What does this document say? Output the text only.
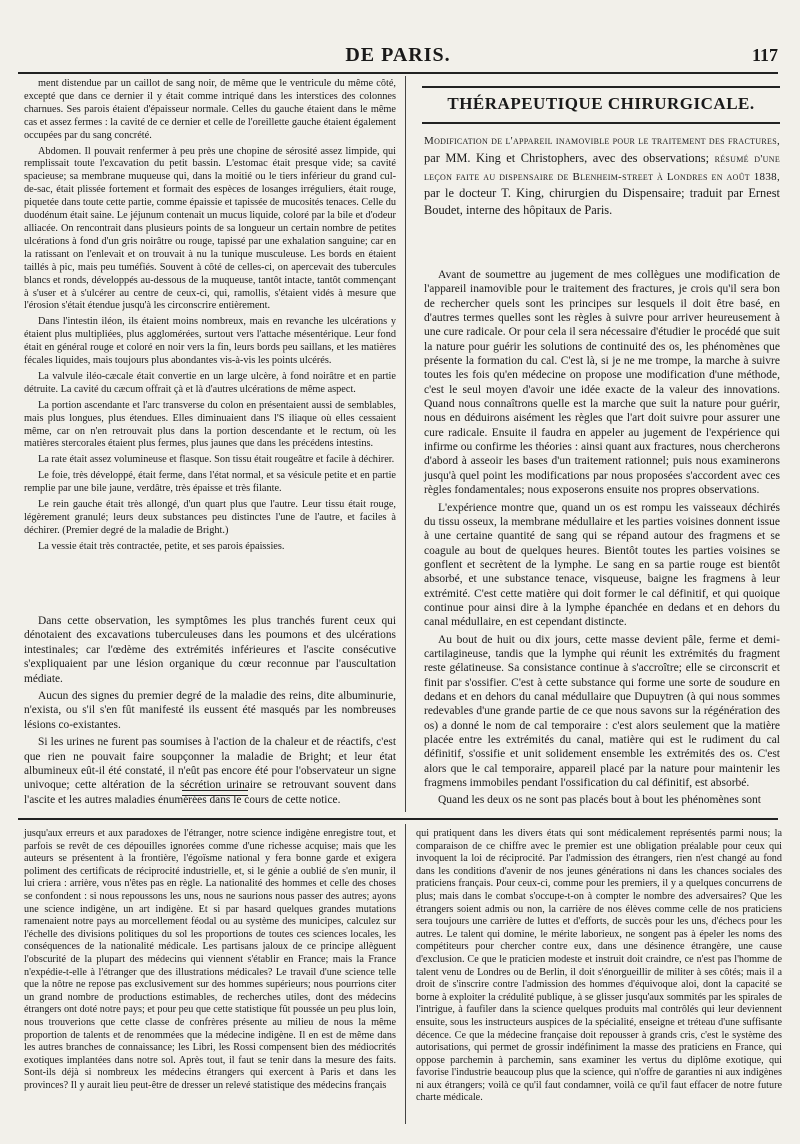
DE PARIS.	117

ment distendue par un caillot de sang noir, de même que le ventricule du même côté, excepté que dans ce dernier il y était comme intriqué dans les interstices des colonnes charnues. Ses parois étaient d'épaisseur normale. Celles du gauche étaient dans le même cas et assez fermes : la cavité de ce dernier et celle de l'oreillette gauche étaient également occupées par du sang concrété.

Abdomen. Il pouvait renfermer à peu près une chopine de sérosité assez limpide, qui remplissait toute l'excavation du petit bassin. L'estomac était presque vide; sa cavité spacieuse; sa membrane muqueuse qui, dans la moitié ou le tiers inférieur du grand cul-de-sac, était plissée fortement et formait des espèces de losanges irréguliers, était rouge, piquetée dans toute cette partie, comme épaissie et tapissée de mucosités tenaces. Celle du duodénum était saine. Le jéjunum contenait un mucus liquide, coloré par la bile et d'odeur alliacée. On rencontrait dans plusieurs points de sa longueur un certain nombre de petites ulcérations à fond d'un gris noirâtre ou rouge, tapissé par une exhalation sanguine; car en la ratissant on l'enlevait et on trouvait à nu la tunique musculeuse. Les bords en étaient taillés à pic, mais peu tuméfiés. Souvent à côté de celles-ci, on apercevait des tubercules blancs et ronds, développés au-dessous de la muqueuse, tantôt intacte, tantôt commençant à s'user et à s'ulcérer au centre de ceux-ci, qui, ramollis, s'étaient vidés à mesure que l'érosion s'était étendue jusqu'à les circonscrire entièrement.

Dans l'intestin iléon, ils étaient moins nombreux, mais en revanche les ulcérations y étaient plus multipliées, plus agglomérées, surtout vers l'attache mésentérique. Leur fond était en général rouge et coloré en noir vers la fin, leurs bords peu saillans, et les matières fécales liquides, mais toujours plus abondantes vis-à-vis les points ulcérés.

La valvule iléo-cæcale était convertie en un large ulcère, à fond noirâtre et en partie détruite. La cavité du cæcum offrait çà et là d'autres ulcérations de même aspect.

La portion ascendante et l'arc transverse du colon en présentaient aussi de semblables, mais plus longues, plus étendues. Elles diminuaient dans l'S iliaque où elles cessaient même, car on n'en retrouvait plus dans la portion descendante et le rectum, où les matières stercorales étaient plus fermes, plus jaunes que dans les précédens intestins.

La rate était assez volumineuse et flasque. Son tissu était rougeâtre et facile à déchirer.

Le foie, très développé, était ferme, dans l'état normal, et sa vésicule petite et en partie remplie par une bile jaune, verdâtre, très épaisse et très filante.

Le rein gauche était très allongé, d'un quart plus que l'autre. Leur tissu était rouge, légèrement granulé; leurs deux substances peu distinctes l'une de l'autre, et faciles à déchirer. (Premier degré de la maladie de Bright.)

La vessie était très contractée, petite, et ses parois épaissies.

Dans cette observation, les symptômes les plus tranchés furent ceux qui dénotaient des excavations tuberculeuses dans les poumons et des ulcérations intestinales; car l'œdème des extrémités inférieures et l'ascite consécutive s'expliquaient par une lésion organique du cœur reconnue par l'auscultation médiate.

Aucun des signes du premier degré de la maladie des reins, dite albuminurie, n'exista, ou s'il s'en fût manifesté ils eussent été masqués par les nombreuses lésions co-existantes.

Si les urines ne furent pas soumises à l'action de la chaleur et de réactifs, c'est que rien ne pouvait faire soupçonner la maladie de Bright; et leur état albumineux eût-il été constaté, il n'eût pas encore été pour l'observateur un signe univoque; cette altération de la sécrétion urinaire se retrouvant souvent dans l'ascite et les autres maladies énumérées dans le cours de cette notice.

THÉRAPEUTIQUE CHIRURGICALE.
Modification de l'appareil inamovible pour le traitement des fractures, par MM. King et Christophers, avec des observations; résumé d'une leçon faite au dispensaire de Blenheim-street à Londres en août 1838, par le docteur T. King, chirurgien du Dispensaire; traduit par Ernest Boudet, interne des hôpitaux de Paris.

Avant de soumettre au jugement de mes collègues une modification de l'appareil inamovible pour le traitement des fractures, je crois qu'il sera bon de rechercher quels sont les principes sur lesquels il doit être basé, en d'autres termes quelles sont les règles à suivre pour arriver heureusement à une cure radicale. Or pour cela il sera nécessaire d'étudier le procédé que suit la nature pour guérir les solutions de continuité des os, les phénomènes que présente la formation du cal. C'est là, si je ne me trompe, la marche à suivre toutes les fois qu'en médecine on propose une modification d'une méthode, c'est le seul moyen d'avoir une idée exacte de la valeur des innovations. Quand nous connaîtrons quelle est la marche que suit la nature pour guérir, nous en déduirons aisément les règles que l'art doit suivre pour assurer une cure radicale. Ensuite il faudra en appeler au jugement de l'expérience qui infirme ou confirme les théories : ainsi quant aux fractures, nous chercherons d'abord à asseoir les bases d'un traitement rationnel; puis nous examinerons jusqu'à quel point les modifications par nous proposées s'accordent avec ces règles fondamentales; nous exposerons ensuite nos propres observations.

L'expérience montre que, quand un os est rompu les vaisseaux déchirés du tissu osseux, la membrane médullaire et les parties voisines donnent issue à une certaine quantité de sang qui se répand autour des fragmens et se coagule au bout de quelques heures. Bientôt toutes les parties voisines se gonflent et secrètent de la lymphe. Le sang en sa partie rouge est bientôt absorbé, et une substance tenace, visqueuse, baigne les fragmens à leur extrémité. C'est cette matière qui doit former le cal définitif, et qui quoique continue pour ainsi dire à la lymphe épanchée en dedans et en dehors du canal médullaire, en est cependant distincte.

Au bout de huit ou dix jours, cette masse devient pâle, ferme et demi-cartilagineuse, tandis que la lymphe qui réunit les extrémités du fragment reste gélatineuse. Sa consistance continue à s'accroître; elle se circonscrit et finit par s'ossifier. C'est à cette substance qui forme une sorte de soudure en dedans et en dehors du canal médullaire que Dupuytren (à qui nous sommes redevables d'une grande partie de ce que nous savons sur la régénération des os) a donné le nom de cal temporaire : c'est alors seulement que la matière placée entre les extrémités du canal, matière qui est le rudiment du cal définitif, s'ossifie et unit solidement ensemble les extrémités des os. C'est alors que le cal temporaire, appareil placé par la nature pour maintenir les fragmens immobiles pendant l'ossification du cal définitif, est absorbé.

Quand les deux os ne sont pas placés bout à bout les phénomènes sont

jusqu'aux erreurs et aux paradoxes de l'étranger, notre science indigène enregistre tout, et parfois se revêt de ces dépouilles ignorées comme d'une richesse acquise; mais que les auteurs se présentent à la frontière, l'égoïsme national y fera bonne garde et exigera poliment des certificats de réciprocité industrielle, et, si le génie a oublié de s'en munir, il lui criera : arrière, vous n'êtes pas en règle. La nationalité des hommes et celle des choses se confondent : si nous repoussons les uns, nous ne saurions nous passer des autres; ayons une science indigène, un art indigène. Et si par hasard quelques grandes mutations ramenaient notre pays au morcellement féodal ou au système des municipes, calculez sur l'échelle des divisions politiques du sol les proportions de toutes ces sciences locales, les conséquences de la nationalité médicale. Les partisans jaloux de ce principe allèguent l'obscurité de la plupart des médecins qui viennent s'établir en France; mais la France n'expédie-t-elle à l'étranger que des illustrations médicales? Le travail d'une science telle que la nôtre ne repose pas exclusivement sur des hommes supérieurs; nous pourrions citer un grand nombre de productions estimables, de recherches utiles, dont des médecins étrangers ont doté notre pays; et pour peu que cette statistique fût poussée un peu plus loin, nous trouverions que cette classe de confrères présente au milieu de nous la même proportion de talents et de renommées que la médecine indigène. Il en est de même dans les autres branches de connaissance; les Libri, les Rossi compensent bien des médiocrités exotiques implantées dans notre sol. Après tout, il faut se tenir dans la mesure des faits. Sont-ils déjà si nombreux les médecins étrangers qui exercent à Paris et dans les provinces? Il y aurait lieu peut-être de dresser un relevé statistique des médecins français

qui pratiquent dans les divers états qui sont médicalement représentés parmi nous; la comparaison de ce chiffre avec le premier est une obligation préalable pour ceux qui invoquent la loi de réciprocité. Par l'admission des étrangers, rien n'est changé au fond dans les conditions d'avenir de nos jeunes générations ni dans les chances sociales des praticiens français. Pour ceux-ci, comme pour les premiers, il y a quelques concurrens de plus; mais dans le combat s'occupe-t-on à compter le nombre des adversaires? Que les étrangers soient admis ou non, la carrière de nos élèves comme celle de nos praticiens sera toujours une carrière de luttes et d'efforts, de succès pour les uns, d'échecs pour les autres. Le talent qui domine, le mérite laborieux, ne songent pas à épeler les noms des compétiteurs pour chercher contre eux, dans une désinence étrangère, une cause d'exclusion. Ce que le praticien modeste et instruit doit craindre, ce n'est pas l'homme de talent venu de Londres ou de Berlin, il doit s'énorgueillir de militer à ses côtés; mais il a droit de s'inscrire contre l'admission des hommes d'équivoque aloi, dont la capacité se borne à exploiter la crédulité publique, à se glisser jusqu'aux sommités par les spirales de l'intrigue, à faufiler dans la science quelques produits mal contrôlés qui leur deviennent ensuite, sous les instructeurs auspices de la spécialité, enseigne et tréteau d'une suffisante décence. Ce que la médecine française doit repousser à grands cris, c'est le système des autorisations, qui permet de grossir indéfiniment la masse des praticiens en France, qui oppose parchemin à parchemin, sans examiner les vertus du diplôme exotique, qui favorise l'industrie beaucoup plus que la science, qui n'offre de garanties ni aux indigènes ni aux étrangers; voilà ce qu'il faut condamner, voilà ce qu'il faut effacer de notre future charte médicale.
